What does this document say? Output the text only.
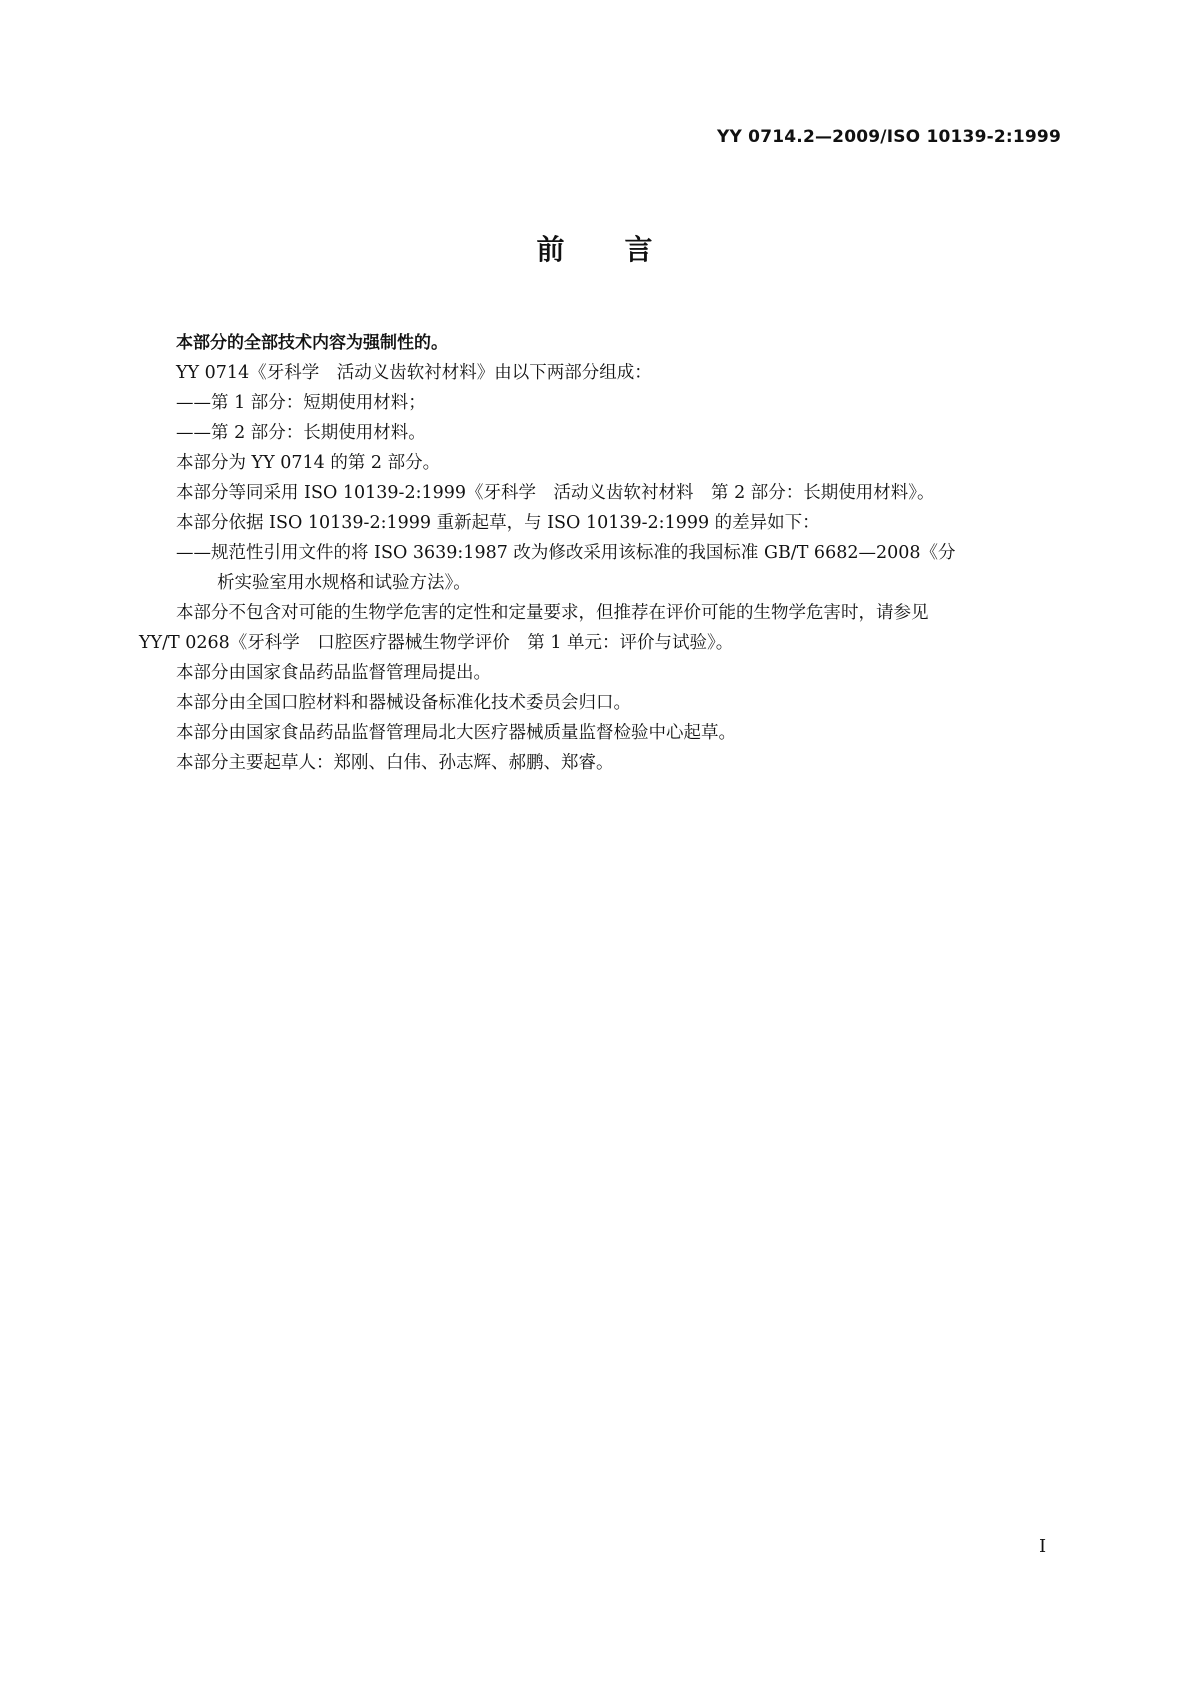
YY 0714.2—2009/ISO 10139-2:1999
前 言

本部分的全部技术内容为强制性的。

YY 0714《牙科学　活动义齿软衬材料》由以下两部分组成：

——第 1 部分：短期使用材料；

——第 2 部分：长期使用材料。

本部分为 YY 0714 的第 2 部分。

本部分等同采用 ISO 10139-2:1999《牙科学　活动义齿软衬材料　第 2 部分：长期使用材料》。

本部分依据 ISO 10139-2:1999 重新起草，与 ISO 10139-2:1999 的差异如下：

——规范性引用文件的将 ISO 3639:1987 改为修改采用该标准的我国标准 GB/T 6682—2008《分

析实验室用水规格和试验方法》。

本部分不包含对可能的生物学危害的定性和定量要求，但推荐在评价可能的生物学危害时，请参见

YY/T 0268《牙科学　口腔医疗器械生物学评价　第 1 单元：评价与试验》。

本部分由国家食品药品监督管理局提出。

本部分由全国口腔材料和器械设备标准化技术委员会归口。

本部分由国家食品药品监督管理局北大医疗器械质量监督检验中心起草。

本部分主要起草人：郑刚、白伟、孙志辉、郝鹏、郑睿。

I
